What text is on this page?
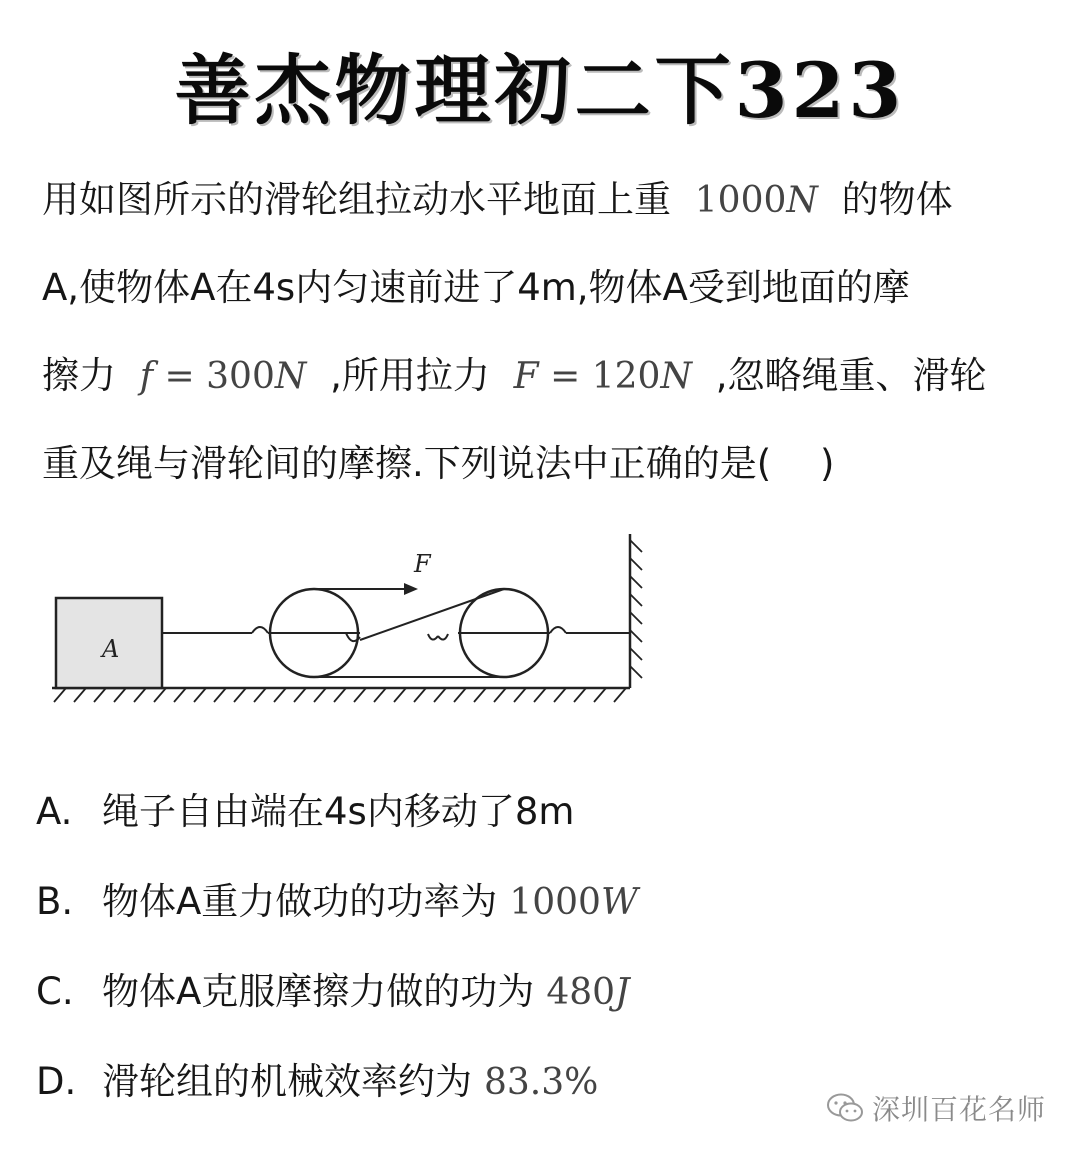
善杰物理初二下323
用如图所示的滑轮组拉动水平地面上重 1000N 的物体
A,使物体A在4s内匀速前进了4m,物体A受到地面的摩
擦力 f = 300N ,所用拉力 F = 120N ,忽略绳重、滑轮
重及绳与滑轮间的摩擦.下列说法中正确的是(　 )
A
F
A. 绳子自由端在4s内移动了8m
B. 物体A重力做功的功率为 1000W
C. 物体A克服摩擦力做的功为 480J
D. 滑轮组的机械效率约为 83.3%
深圳百花名师
